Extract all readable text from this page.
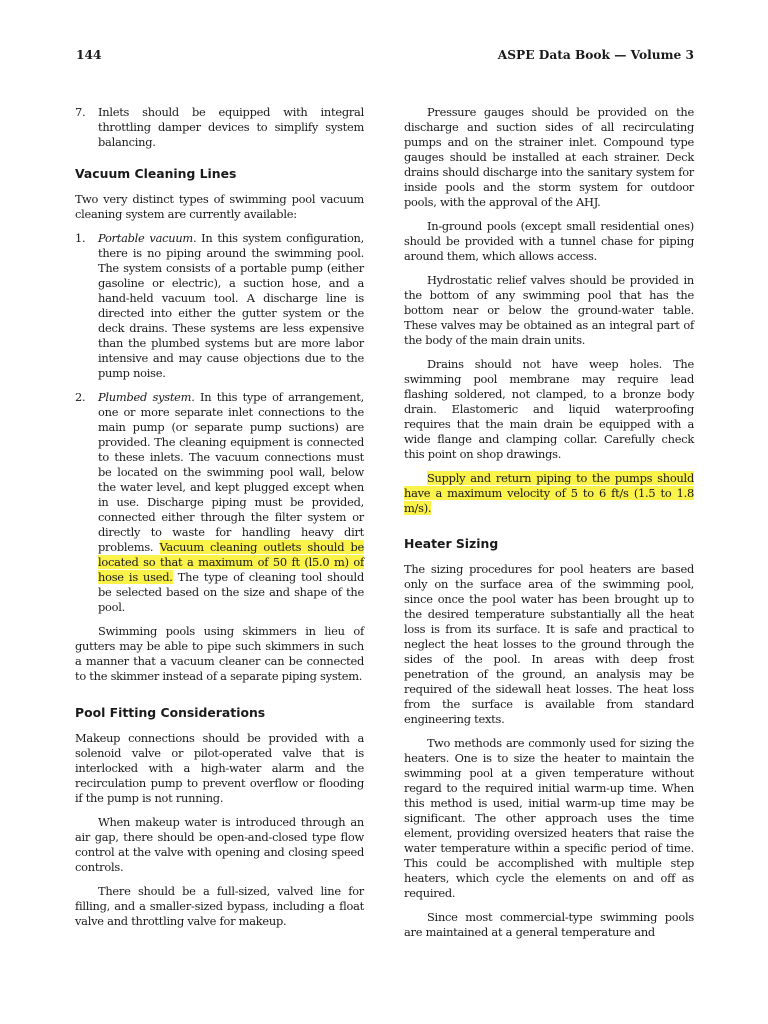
144	ASPE Data Book — Volume 3
7.	Inlets should be equipped with integral throttling damper devices to simplify system balancing.
Vacuum Cleaning Lines

Two very distinct types of swimming pool vacuum cleaning system are currently available:

1.	Portable vacuum. In this system configuration, there is no piping around the swimming pool. The system consists of a portable pump (either gasoline or electric), a suction hose, and a hand-held vacuum tool. A discharge line is directed into either the gutter system or the deck drains. These systems are less expensive than the plumbed systems but are more labor intensive and may cause objections due to the pump noise.
2.	Plumbed system. In this type of arrangement, one or more separate inlet connections to the main pump (or separate pump suctions) are provided. The cleaning equipment is connected to these inlets. The vacuum connections must be located on the swimming pool wall, below the water level, and kept plugged except when in use. Discharge piping must be provided, connected either through the filter system or directly to waste for handling heavy dirt problems. Vacuum cleaning outlets should be located so that a maximum of 50 ft (l5.0 m) of hose is used. The type of cleaning tool should be selected based on the size and shape of the pool.

Swimming pools using skimmers in lieu of gutters may be able to pipe such skimmers in such a manner that a vacuum cleaner can be connected to the skimmer instead of a separate piping system.

Pool Fitting Considerations

Makeup connections should be provided with a solenoid valve or pilot-operated valve that is interlocked with a high-water alarm and the recirculation pump to prevent overflow or flooding if the pump is not running.

When makeup water is introduced through an air gap, there should be open-and-closed type flow control at the valve with opening and closing speed controls.

There should be a full-sized, valved line for filling, and a smaller-sized bypass, including a float valve and throttling valve for makeup.

Pressure gauges should be provided on the discharge and suction sides of all recirculating pumps and on the strainer inlet. Compound type gauges should be installed at each strainer. Deck drains should discharge into the sanitary system for inside pools and the storm system for outdoor pools, with the approval of the AHJ.

In-ground pools (except small residential ones) should be provided with a tunnel chase for piping around them, which allows access.

Hydrostatic relief valves should be provided in the bottom of any swimming pool that has the bottom near or below the ground-water table. These valves may be obtained as an integral part of the body of the main drain units.

Drains should not have weep holes. The swimming pool membrane may require lead flashing soldered, not clamped, to a bronze body drain. Elastomeric and liquid waterproofing requires that the main drain be equipped with a wide flange and clamping collar. Carefully check this point on shop drawings.

Supply and return piping to the pumps should have a maximum velocity of 5 to 6 ft/s (1.5 to 1.8 m/s).

Heater Sizing

The sizing procedures for pool heaters are based only on the surface area of the swimming pool, since once the pool water has been brought up to the desired temperature substantially all the heat loss is from its surface. It is safe and practical to neglect the heat losses to the ground through the sides of the pool. In areas with deep frost penetration of the ground, an analysis may be required of the sidewall heat losses. The heat loss from the surface is available from standard engineering texts.

Two methods are commonly used for sizing the heaters. One is to size the heater to maintain the swimming pool at a given temperature without regard to the required initial warm-up time. When this method is used, initial warm-up time may be significant. The other approach uses the time element, providing oversized heaters that raise the water temperature within a specific period of time. This could be accomplished with multiple step heaters, which cycle the elements on and off as required.

Since most commercial-type swimming pools are maintained at a general temperature and
